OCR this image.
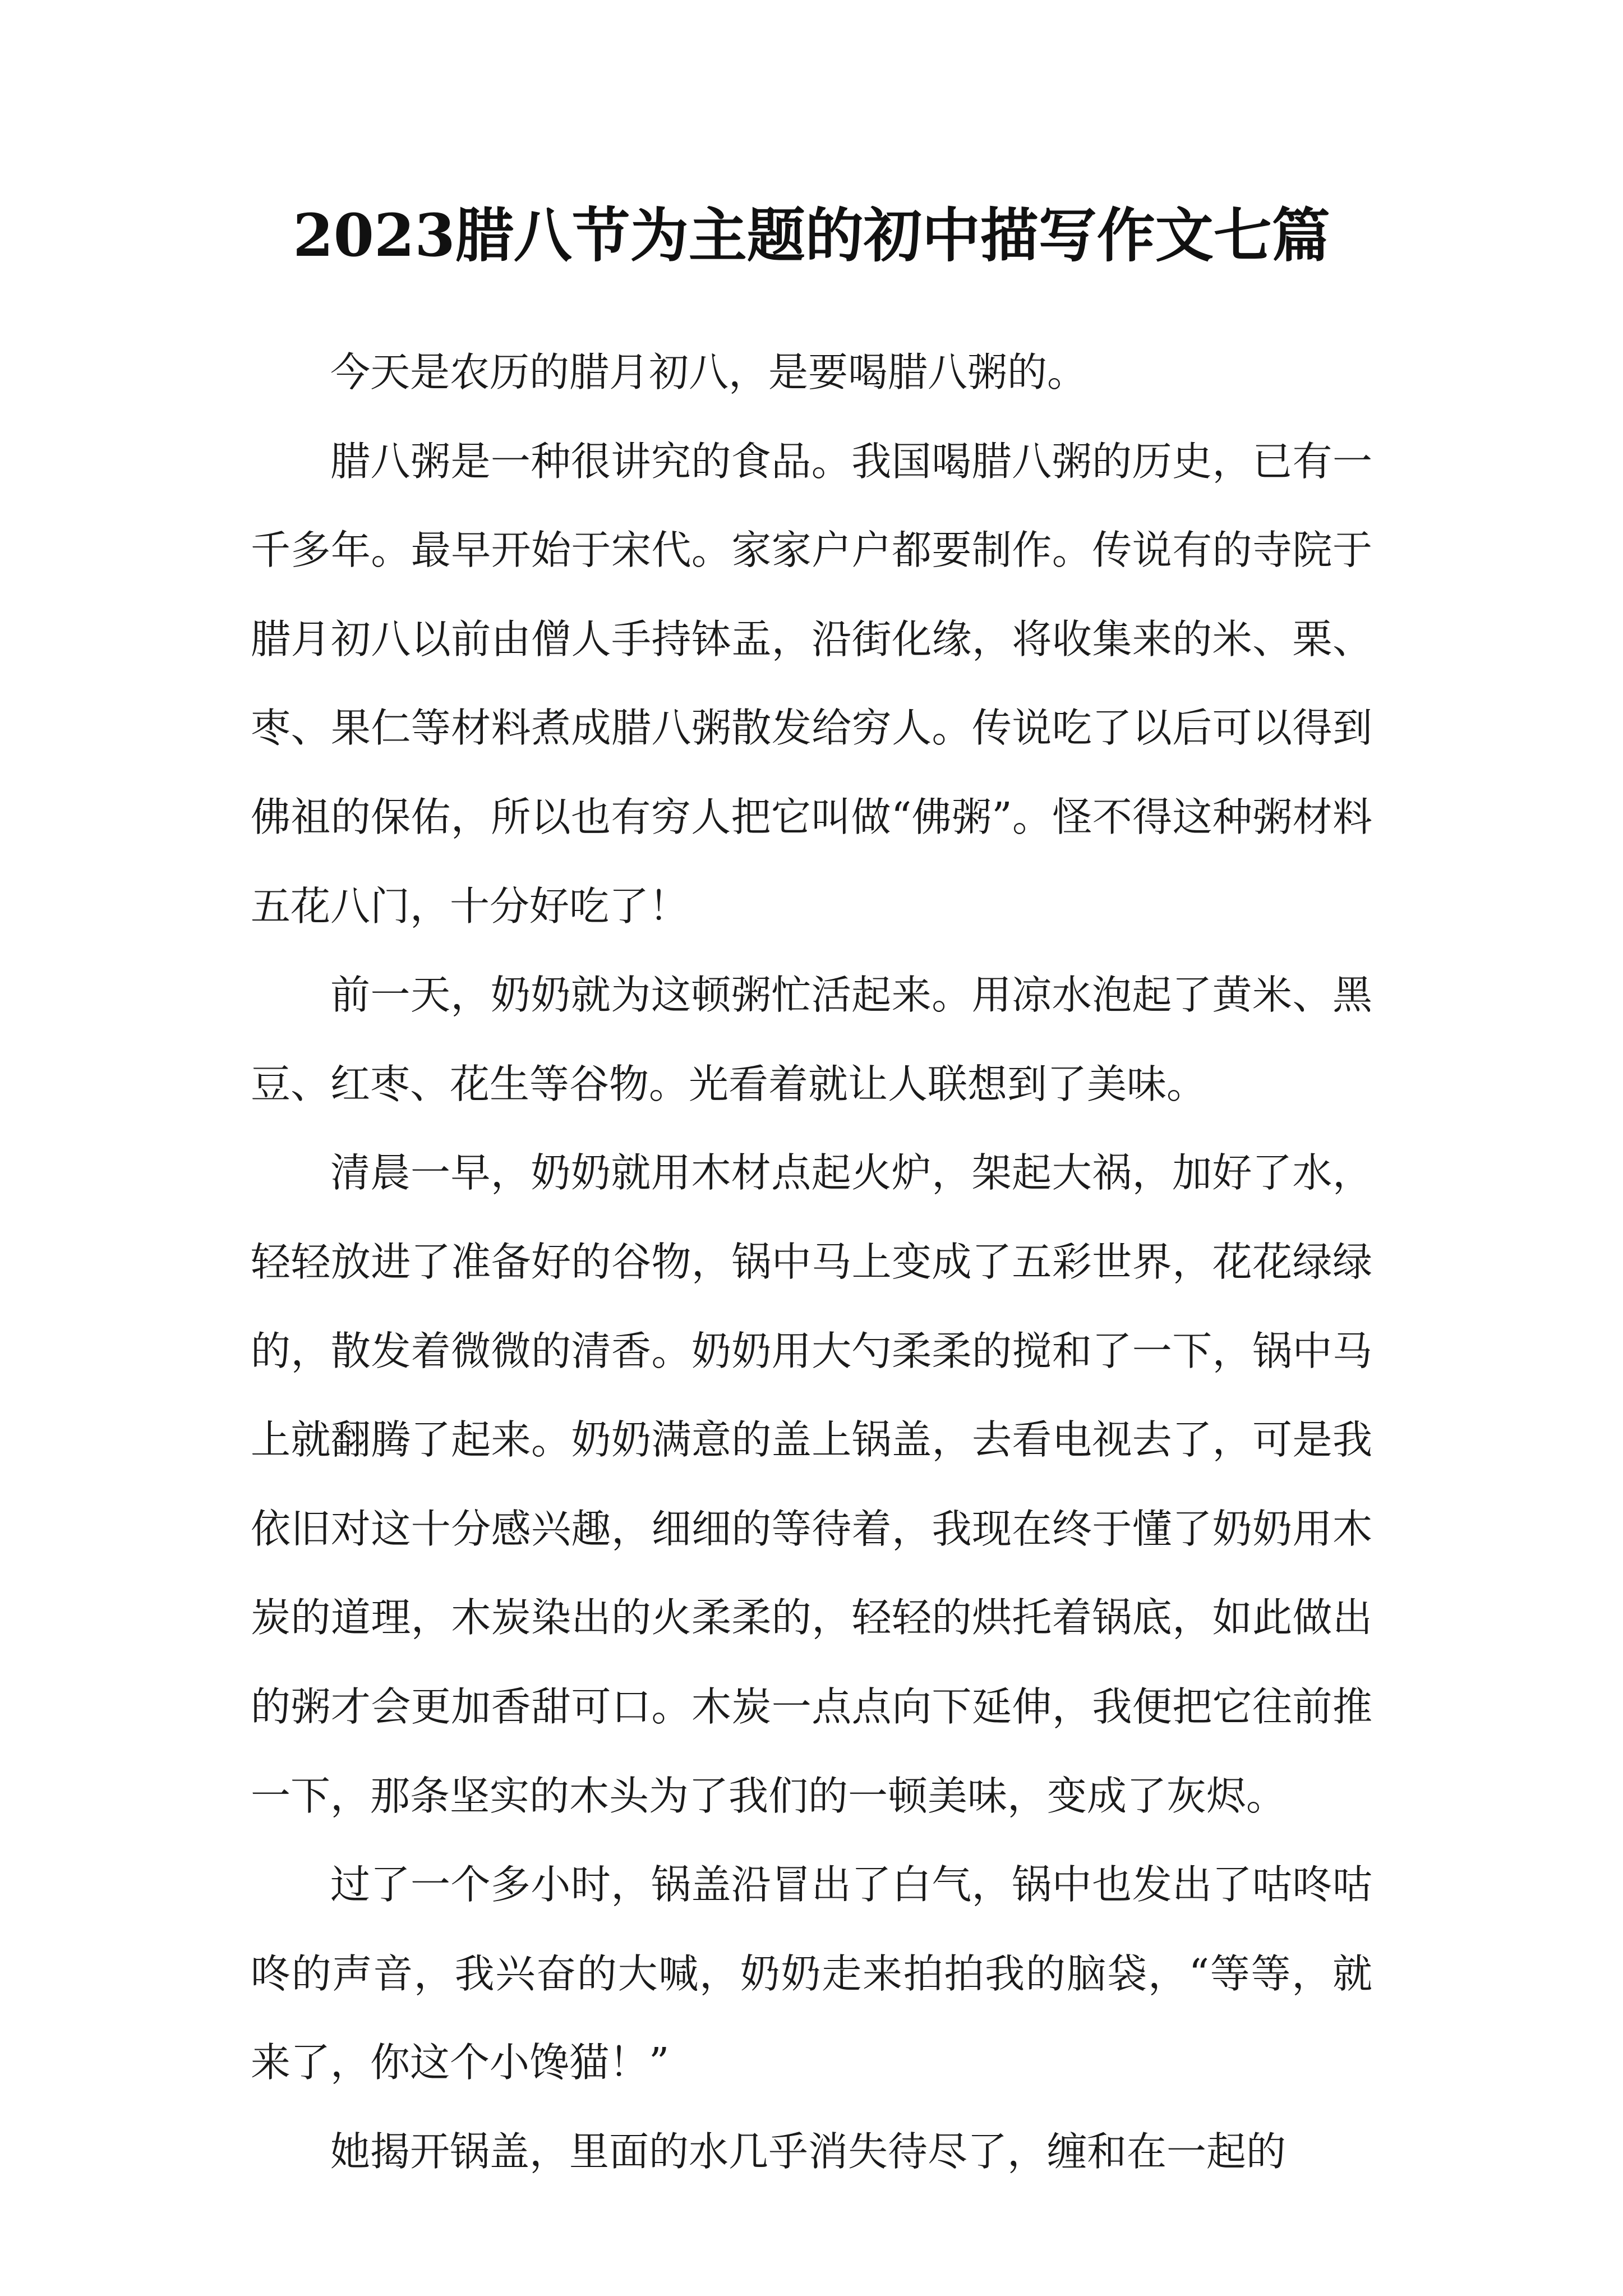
2023腊八节为主题的初中描写作文七篇

今天是农历的腊月初八，是要喝腊八粥的。

腊八粥是一种很讲究的食品。我国喝腊八粥的历史，已有一千多年。最早开始于宋代。家家户户都要制作。传说有的寺院于腊月初八以前由僧人手持钵盂，沿街化缘，将收集来的米、栗、枣、果仁等材料煮成腊八粥散发给穷人。传说吃了以后可以得到佛祖的保佑，所以也有穷人把它叫做“佛粥”。怪不得这种粥材料五花八门，十分好吃了！

前一天，奶奶就为这顿粥忙活起来。用凉水泡起了黄米、黑豆、红枣、花生等谷物。光看着就让人联想到了美味。

清晨一早，奶奶就用木材点起火炉，架起大祸，加好了水，轻轻放进了准备好的谷物，锅中马上变成了五彩世界，花花绿绿的，散发着微微的清香。奶奶用大勺柔柔的搅和了一下，锅中马上就翻腾了起来。奶奶满意的盖上锅盖，去看电视去了，可是我依旧对这十分感兴趣，细细的等待着，我现在终于懂了奶奶用木炭的道理，木炭染出的火柔柔的，轻轻的烘托着锅底，如此做出的粥才会更加香甜可口。木炭一点点向下延伸，我便把它往前推一下，那条坚实的木头为了我们的一顿美味，变成了灰烬。

过了一个多小时，锅盖沿冒出了白气，锅中也发出了咕咚咕咚的声音，我兴奋的大喊，奶奶走来拍拍我的脑袋，“等等，就来了，你这个小馋猫！”

她揭开锅盖，里面的水几乎消失待尽了，缠和在一起的
